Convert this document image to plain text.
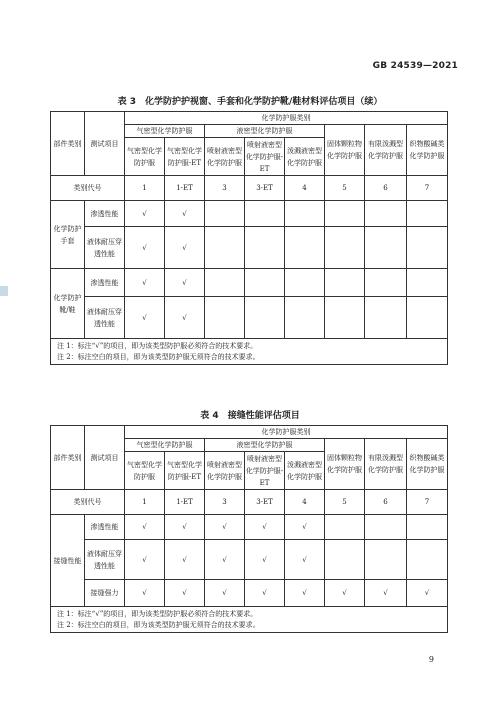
GB 24539—2021
表 3　化学防护护视窗、手套和化学防护靴/鞋材料评估项目（续）
部件类别	测试项目	化学防护服类别							
		气密型化学防护服		液密型化学防护服			固体颗粒物化学防护服	有限泼溅型化学防护服	织物酸碱类化学防护服
		气密型化学防护服	气密型化学防护服-ET	喷射液密型化学防护服	喷射液密型化学防护服-ET	泼溅液密型化学防护服			
类别代号		1	1-ET	3	3-ET	4	5	6	7
化学防护手套	渗透性能	√	√						
	液体耐压穿透性能	√	√						
化学防护靴/鞋	渗透性能	√	√						
	液体耐压穿透性能	√	√						

注 1：标注“√”的项目，即为该类型防护服必须符合的技术要求。
注 2：标注空白的项目，即为该类型防护服无须符合的技术要求。									
表 4　接缝性能评估项目
部件类别	测试项目	化学防护服类别							
		气密型化学防护服		液密型化学防护服			固体颗粒物化学防护服	有限泼溅型化学防护服	织物酸碱类化学防护服
		气密型化学防护服	气密型化学防护服-ET	喷射液密型化学防护服	喷射液密型化学防护服-ET	泼溅液密型化学防护服			
类别代号		1	1-ET	3	3-ET	4	5	6	7
接缝性能	渗透性能	√	√	√	√	√			
	液体耐压穿透性能	√	√	√	√	√			
	接缝强力	√	√	√	√	√	√	√	√

注 1：标注“√”的项目，即为该类型防护服必须符合的技术要求。
注 2：标注空白的项目，即为该类型防护服无须符合的技术要求。									
9
